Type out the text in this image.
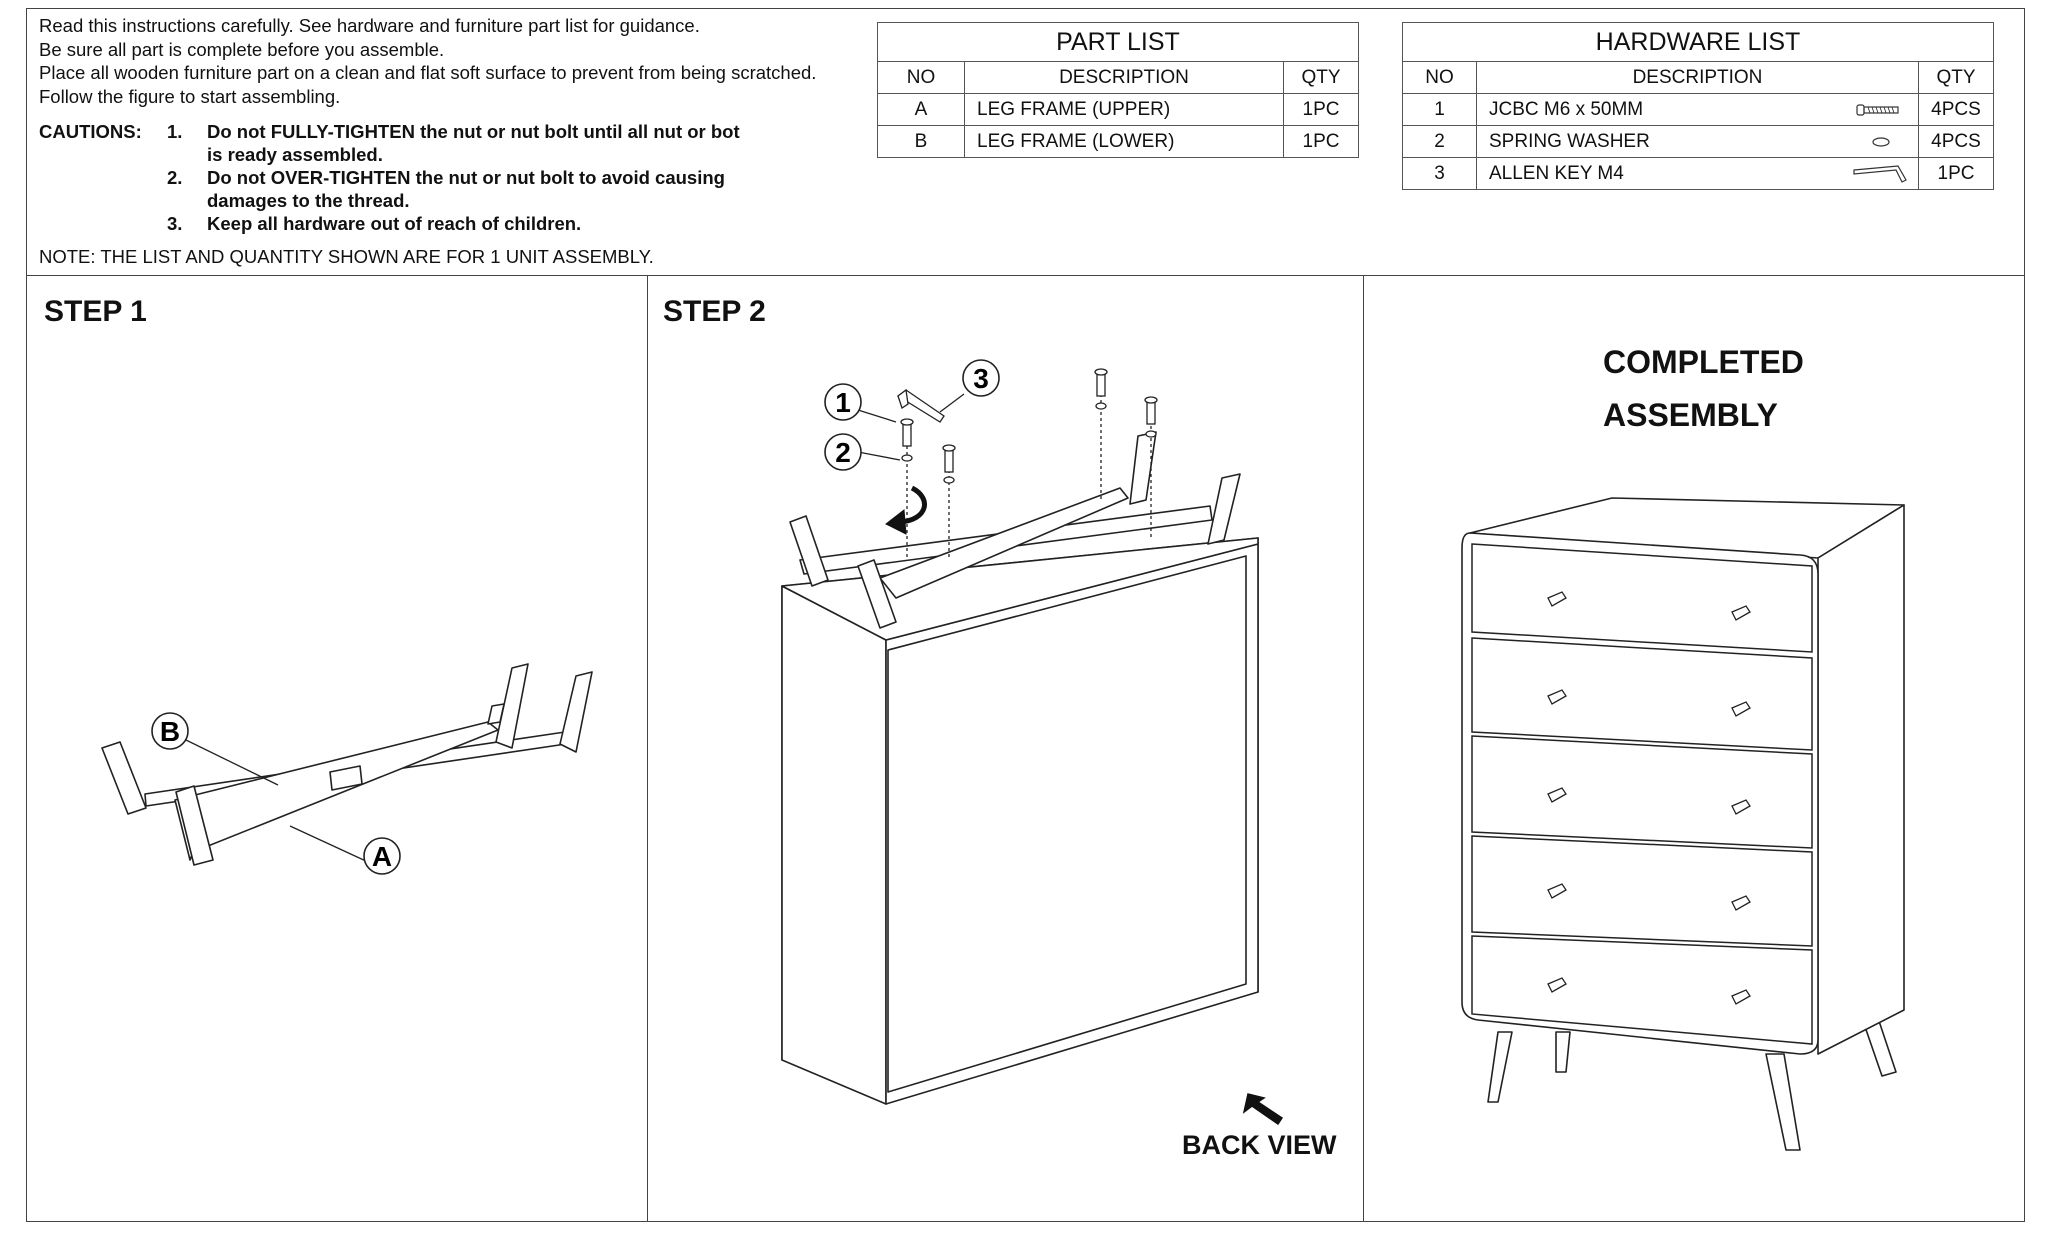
Read this instructions carefully. See hardware and furniture part list for guidance.
Be sure all part is complete before you assemble.
Place all wooden furniture part on a clean and flat soft surface to prevent from being scratched.
Follow the figure to start assembling.
CAUTIONS: 1. Do not FULLY-TIGHTEN the nut or nut bolt until all nut or bot
is ready assembled.
2. Do not OVER-TIGHTEN the nut or nut bolt to avoid causing
damages to the thread.
3. Keep all hardware out of reach of children.
NOTE: THE LIST AND QUANTITY SHOWN ARE FOR 1 UNIT ASSEMBLY.
PART LIST		
NO	DESCRIPTION	QTY
A	LEG FRAME (UPPER)	1PC
B	LEG FRAME (LOWER)	1PC
HARDWARE LIST		
NO	DESCRIPTION	QTY
1	JCBC M6 x 50MM	4PCS
2	SPRING WASHER	4PCS
3	ALLEN KEY M4	1PC
STEP 1	STEP 2
COMPLETED
ASSEMBLY
B
A
1
3
2
BACK VIEW
